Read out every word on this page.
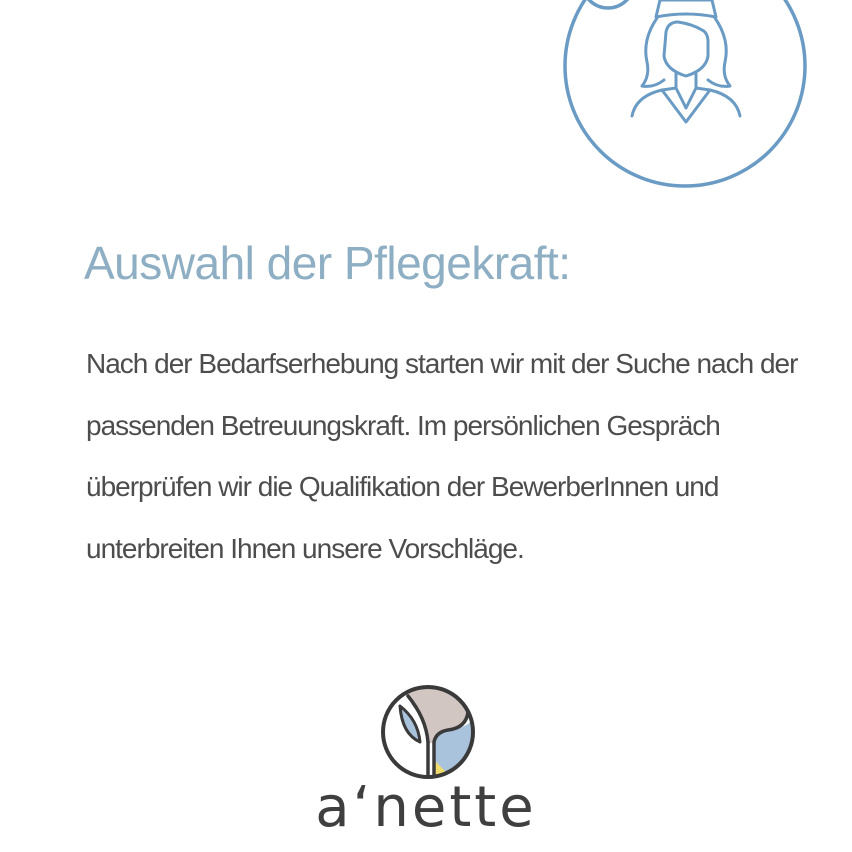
Auswahl der Pflegekraft:

Nach der Bedarfserhebung starten wir mit der Suche nach der
passenden Betreuungskraft. Im persönlichen Gespräch
überprüfen wir die Qualifikation der BewerberInnen und
unterbreiten Ihnen unsere Vorschläge.

a‘nette
